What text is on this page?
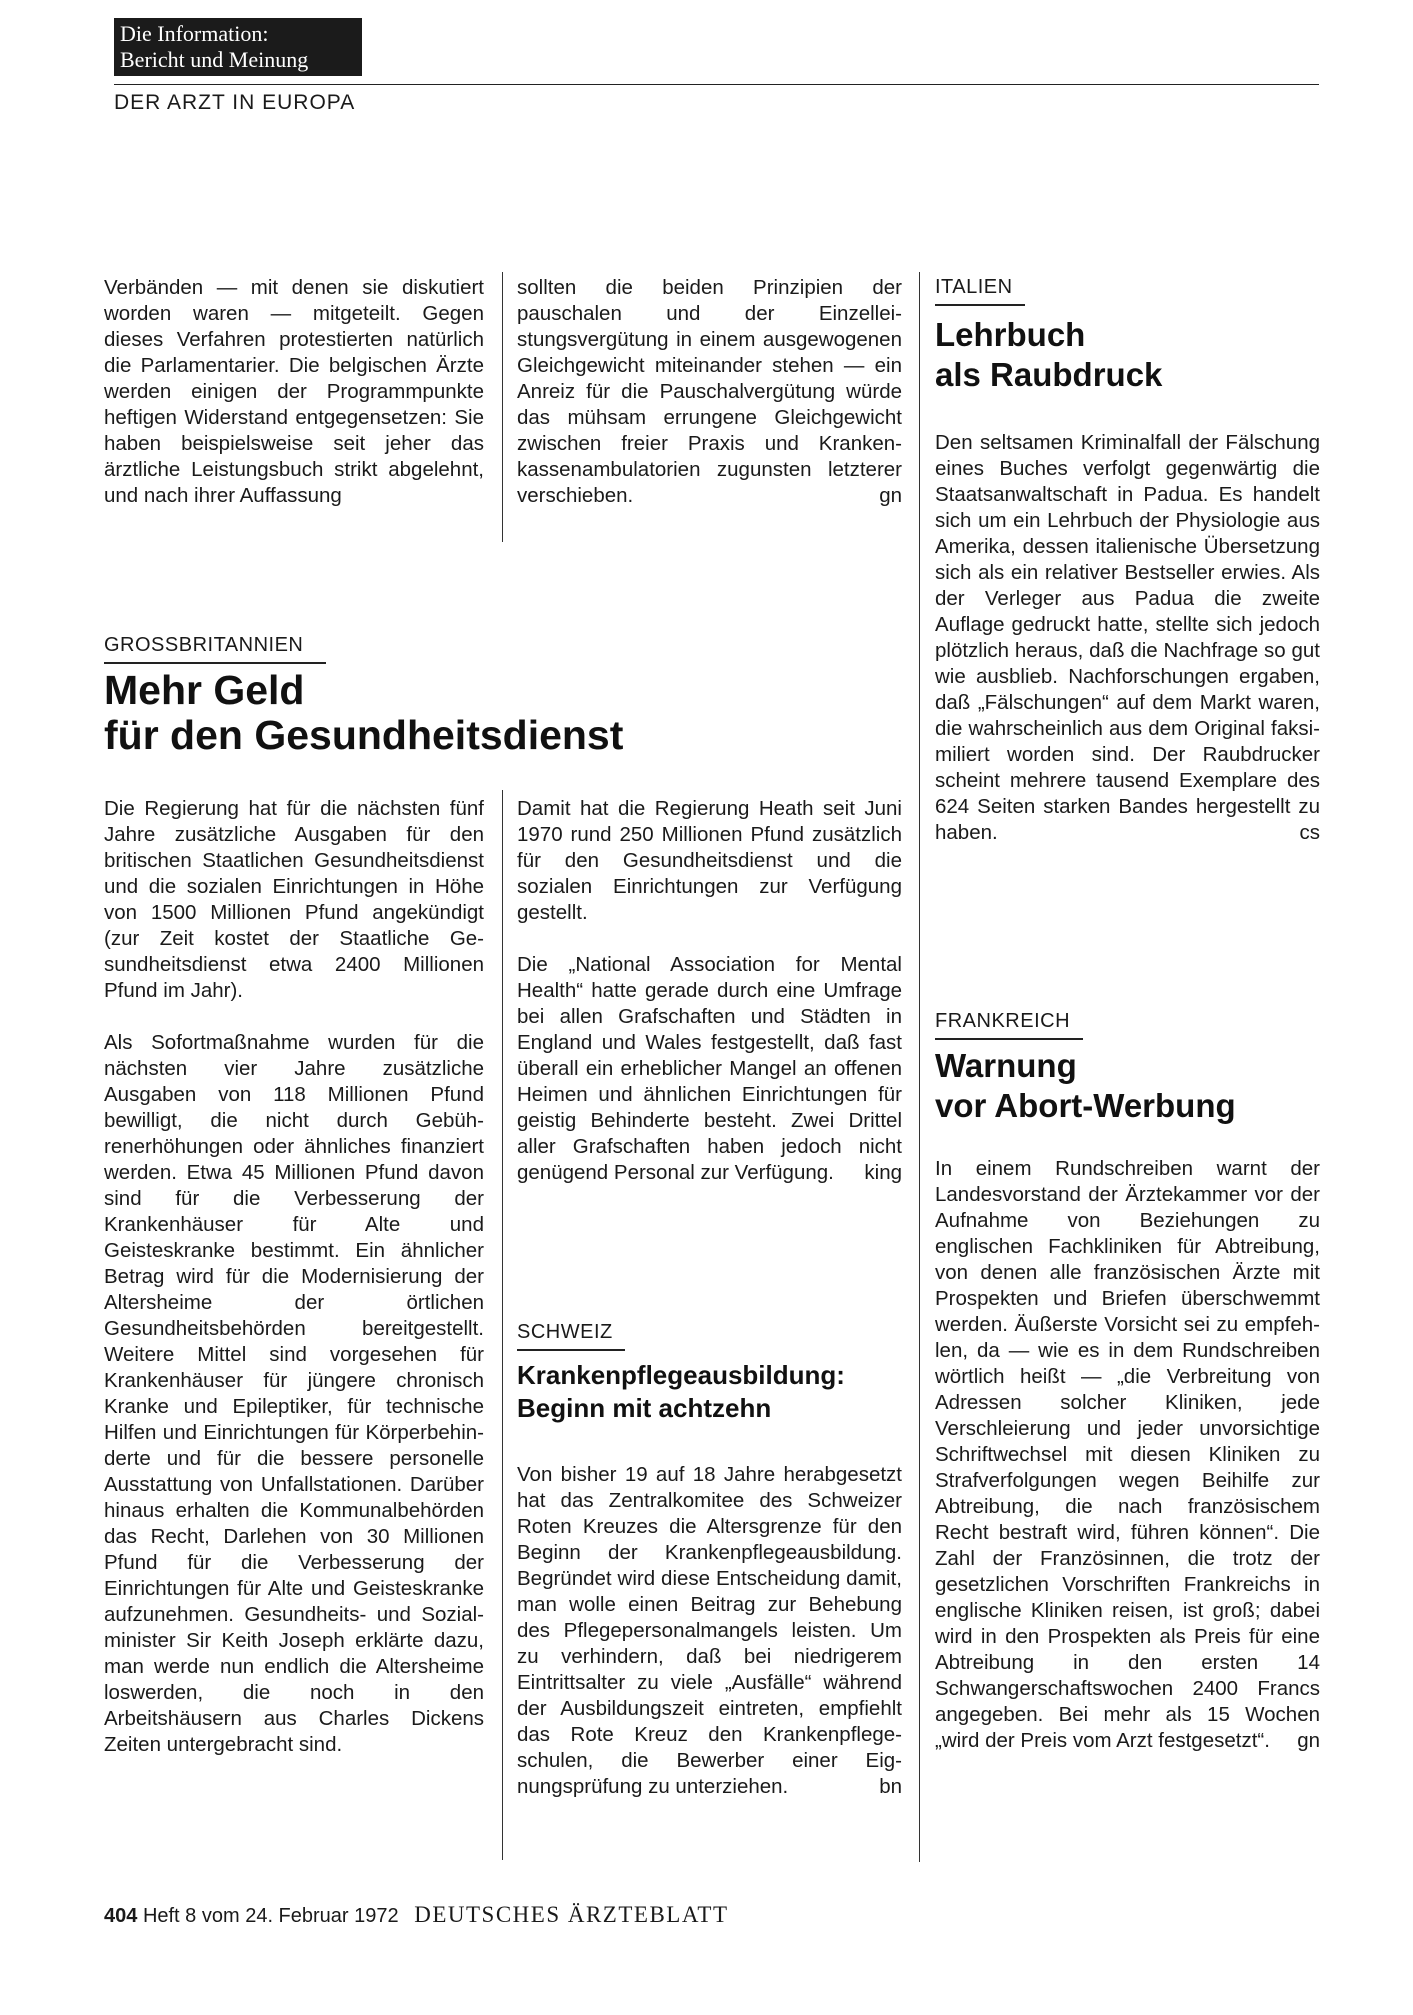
Die Information:
Bericht und Meinung
DER ARZT IN EUROPA

Verbänden — mit denen sie diskutiert worden waren — mitgeteilt. Gegen dieses Verfahren protestierten natürlich die Parlamentarier. Die belgischen Ärzte werden einigen der Programmpunkte heftigen Widerstand entgegensetzen: Sie haben beispielsweise seit jeher das ärztliche Leistungsbuch strikt abgelehnt, und nach ihrer Auffassung

sollten die beiden Prinzipien der pauschalen und der Einzelleistungsvergütung in einem ausgewogenen Gleichgewicht miteinander stehen — ein Anreiz für die Pauschalvergütung würde das mühsam errungene Gleichgewicht zwischen freier Praxis und Krankenkassenambulatorien zugunsten letzterer verschieben.	gn

GROSSBRITANNIEN
Mehr Geld
für den Gesundheitsdienst

Die Regierung hat für die nächsten fünf Jahre zusätzliche Ausgaben für den britischen Staatlichen Gesundheitsdienst und die sozialen Einrichtungen in Höhe von 1500 Millionen Pfund angekündigt (zur Zeit kostet der Staatliche Gesundheitsdienst etwa 2400 Millionen Pfund im Jahr).

Als Sofortmaßnahme wurden für die nächsten vier Jahre zusätzliche Ausgaben von 118 Millionen Pfund bewilligt, die nicht durch Gebührenerhöhungen oder ähnliches finanziert werden. Etwa 45 Millionen Pfund davon sind für die Verbesserung der Krankenhäuser für Alte und Geisteskranke bestimmt. Ein ähnlicher Betrag wird für die Modernisierung der Altersheime der örtlichen Gesundheitsbehörden bereitgestellt. Weitere Mittel sind vorgesehen für Krankenhäuser für jüngere chronisch Kranke und Epileptiker, für technische Hilfen und Einrichtungen für Körperbehinderte und für die bessere personelle Ausstattung von Unfallstationen. Darüber hinaus erhalten die Kommunalbehörden das Recht, Darlehen von 30 Millionen Pfund für die Verbesserung der Einrichtungen für Alte und Geisteskranke aufzunehmen. Gesundheits- und Sozialminister Sir Keith Joseph erklärte dazu, man werde nun endlich die Altersheime loswerden, die noch in den Arbeitshäusern aus Charles Dickens Zeiten untergebracht sind.

Damit hat die Regierung Heath seit Juni 1970 rund 250 Millionen Pfund zusätzlich für den Gesundheitsdienst und die sozialen Einrichtungen zur Verfügung gestellt.

Die „National Association for Mental Health“ hatte gerade durch eine Umfrage bei allen Grafschaften und Städten in England und Wales festgestellt, daß fast überall ein erheblicher Mangel an offenen Heimen und ähnlichen Einrichtungen für geistig Behinderte besteht. Zwei Drittel aller Grafschaften haben jedoch nicht genügend Personal zur Verfügung. king

SCHWEIZ
Krankenpflegeausbildung:
Beginn mit achtzehn

Von bisher 19 auf 18 Jahre herabgesetzt hat das Zentralkomitee des Schweizer Roten Kreuzes die Altersgrenze für den Beginn der Krankenpflegeausbildung. Begründet wird diese Entscheidung damit, man wolle einen Beitrag zur Behebung des Pflegepersonalmangels leisten. Um zu verhindern, daß bei niedrigerem Eintrittsalter zu viele „Ausfälle“ während der Ausbildungszeit eintreten, empfiehlt das Rote Kreuz den Krankenpflegeschulen, die Bewerber einer Eignungsprüfung zu unterziehen.	bn

ITALIEN
Lehrbuch
als Raubdruck

Den seltsamen Kriminalfall der Fälschung eines Buches verfolgt gegenwärtig die Staatsanwaltschaft in Padua. Es handelt sich um ein Lehrbuch der Physiologie aus Amerika, dessen italienische Übersetzung sich als ein relativer Bestseller erwies. Als der Verleger aus Padua die zweite Auflage gedruckt hatte, stellte sich jedoch plötzlich heraus, daß die Nachfrage so gut wie ausblieb. Nachforschungen ergaben, daß „Fälschungen“ auf dem Markt waren, die wahrscheinlich aus dem Original faksimiliert worden sind. Der Raubdrucker scheint mehrere tausend Exemplare des 624 Seiten starken Bandes hergestellt zu haben.	cs

FRANKREICH
Warnung
vor Abort-Werbung

In einem Rundschreiben warnt der Landesvorstand der Ärztekammer vor der Aufnahme von Beziehungen zu englischen Fachkliniken für Abtreibung, von denen alle französischen Ärzte mit Prospekten und Briefen überschwemmt werden. Äußerste Vorsicht sei zu empfehlen, da — wie es in dem Rundschreiben wörtlich heißt — „die Verbreitung von Adressen solcher Kliniken, jede Verschleierung und jeder unvorsichtige Schriftwechsel mit diesen Kliniken zu Strafverfolgungen wegen Beihilfe zur Abtreibung, die nach französischem Recht bestraft wird, führen können“. Die Zahl der Französinnen, die trotz der gesetzlichen Vorschriften Frankreichs in englische Kliniken reisen, ist groß; dabei wird in den Prospekten als Preis für eine Abtreibung in den ersten 14 Schwangerschaftswochen 2400 Francs angegeben. Bei mehr als 15 Wochen „wird der Preis vom Arzt festgesetzt“. gn

404 Heft 8 vom 24. Februar 1972 DEUTSCHES ÄRZTEBLATT
